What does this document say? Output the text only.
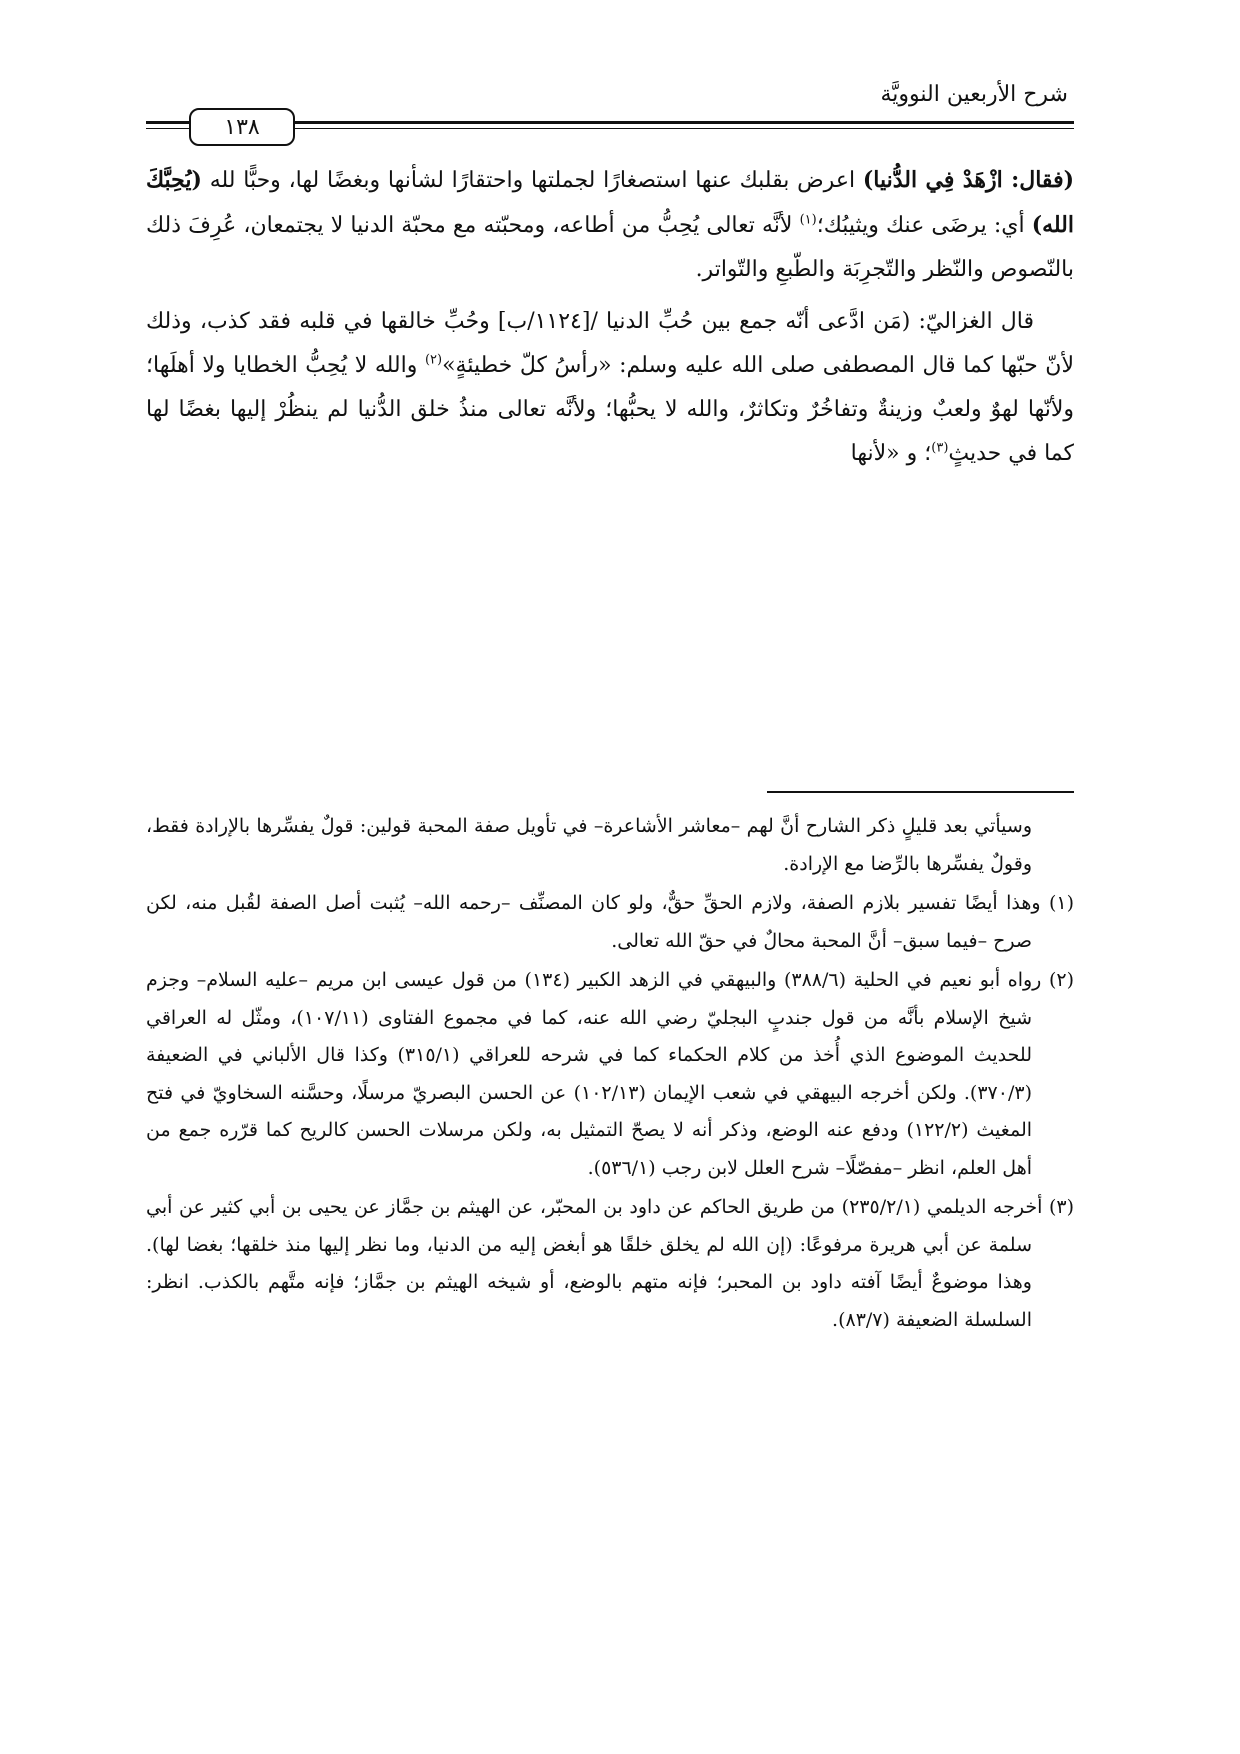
شرح الأربعين النوويَّة
١٣٨

(فقال: ازْهَدْ فِي الدُّنيا) اعرض بقلبك عنها استصغارًا لجملتها واحتقارًا لشأنها وبغضًا لها، وحبًّا لله (يُحِبَّكَ الله) أي: يرضَى عنك ويثيبُك؛$^{(١)}$ لأنَّه تعالى يُحِبُّ من أطاعه، ومحبّته مع محبّة الدنيا لا يجتمعان، عُرِفَ ذلك بالنّصوص والنّظر والتّجرِبَة والطّبعِ والتّواتر.

قال الغزاليّ: (مَن ادَّعى أنّه جمع بين حُبِّ الدنيا /[١١٢٤/ب] وحُبِّ خالقها في قلبه فقد كذب، وذلك لأنّ حبّها كما قال المصطفى صلى الله عليه وسلم: «رأسُ كلّ خطيئةٍ»$^{(٢)}$ والله لا يُحِبُّ الخطايا ولا أهلَها؛ ولأنّها لهوٌ ولعبٌ وزينةٌ وتفاخُرٌ وتكاثرٌ، والله لا يحبُّها؛ ولأنَّه تعالى منذُ خلق الدُّنيا لم ينظُرْ إليها بغضًا لها كما في حديثٍ$^{(٣)}$؛ و «لأنها

وسيأتي بعد قليلٍ ذكر الشارح أنَّ لهم –معاشر الأشاعرة– في تأويل صفة المحبة قولين: قولٌ يفسِّرها بالإرادة فقط، وقولٌ يفسِّرها بالرِّضا مع الإرادة.

(١) وهذا أيضًا تفسير بلازم الصفة، ولازم الحقِّ حقٌّ، ولو كان المصنِّف –رحمه الله– يُثبت أصل الصفة لقُبل منه، لكن صرح –فيما سبق– أنَّ المحبة محالٌ في حقّ الله تعالى.

(٢) رواه أبو نعيم في الحلية (٣٨٨/٦) والبيهقي في الزهد الكبير (١٣٤) من قول عيسى ابن مريم –عليه السلام– وجزم شيخ الإسلام بأنَّه من قول جندبٍ البجليّ رضي الله عنه، كما في مجموع الفتاوى (١٠٧/١١)، ومثّل له العراقي للحديث الموضوع الذي أُخذ من كلام الحكماء كما في شرحه للعراقي (٣١٥/١) وكذا قال الألباني في الضعيفة (٣٧٠/٣). ولكن أخرجه البيهقي في شعب الإيمان (١٠٢/١٣) عن الحسن البصريّ مرسلًا، وحسَّنه السخاويّ في فتح المغيث (١٢٢/٢) ودفع عنه الوضع، وذكر أنه لا يصحّ التمثيل به، ولكن مرسلات الحسن كالريح كما قرّره جمع من أهل العلم، انظر –مفصّلًا– شرح العلل لابن رجب (٥٣٦/١).

(٣) أخرجه الديلمي (٢٣٥/٢/١) من طريق الحاكم عن داود بن المحبّر، عن الهيثم بن جمَّاز عن يحيى بن أبي كثير عن أبي سلمة عن أبي هريرة مرفوعًا: (إن الله لم يخلق خلقًا هو أبغض إليه من الدنيا، وما نظر إليها منذ خلقها؛ بغضا لها). وهذا موضوعٌ أيضًا آفته داود بن المحبر؛ فإنه متهم بالوضع، أو شيخه الهيثم بن جمَّاز؛ فإنه متَّهم بالكذب. انظر: السلسلة الضعيفة (٨٣/٧).
